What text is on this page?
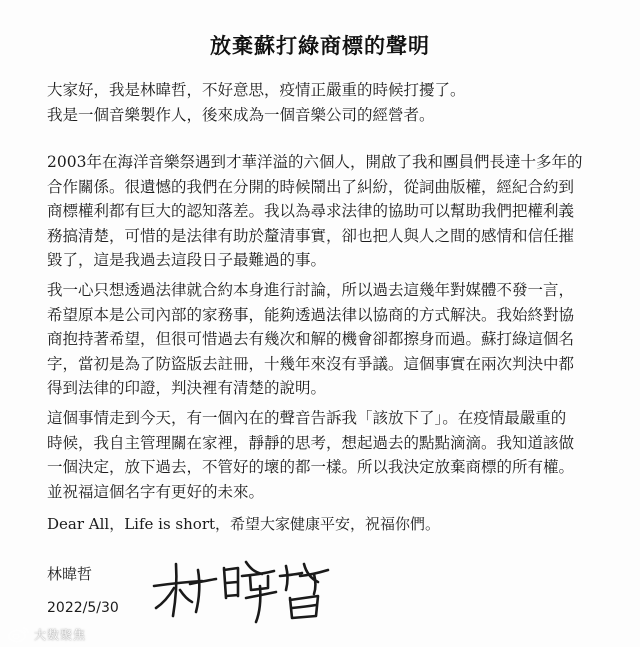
放棄蘇打綠商標的聲明

大家好，我是林暐哲，不好意思，疫情正嚴重的時候打擾了。
我是一個音樂製作人，後來成為一個音樂公司的經營者。

2003年在海洋音樂祭遇到才華洋溢的六個人，開啟了我和團員們長達十多年的
合作關係。很遺憾的我們在分開的時候鬧出了糾紛，從詞曲版權，經紀合約到
商標權利都有巨大的認知落差。我以為尋求法律的協助可以幫助我們把權利義
務搞清楚，可惜的是法律有助於釐清事實，卻也把人與人之間的感情和信任摧
毀了，這是我過去這段日子最難過的事。

我一心只想透過法律就合約本身進行討論，所以過去這幾年對媒體不發一言，
希望原本是公司內部的家務事，能夠透過法律以協商的方式解決。我始終對協
商抱持著希望，但很可惜過去有幾次和解的機會卻都擦身而過。蘇打綠這個名
字，當初是為了防盜版去註冊，十幾年來沒有爭議。這個事實在兩次判決中都
得到法律的印證，判決裡有清楚的說明。

這個事情走到今天，有一個內在的聲音告訴我「該放下了」。在疫情最嚴重的
時候，我自主管理關在家裡，靜靜的思考，想起過去的點點滴滴。我知道該做
一個決定，放下過去，不管好的壞的都一樣。所以我決定放棄商標的所有權。
並祝福這個名字有更好的未來。

Dear All，Life is short，希望大家健康平安，祝福你們。

林暐哲
2022/5/30
大数聚焦
